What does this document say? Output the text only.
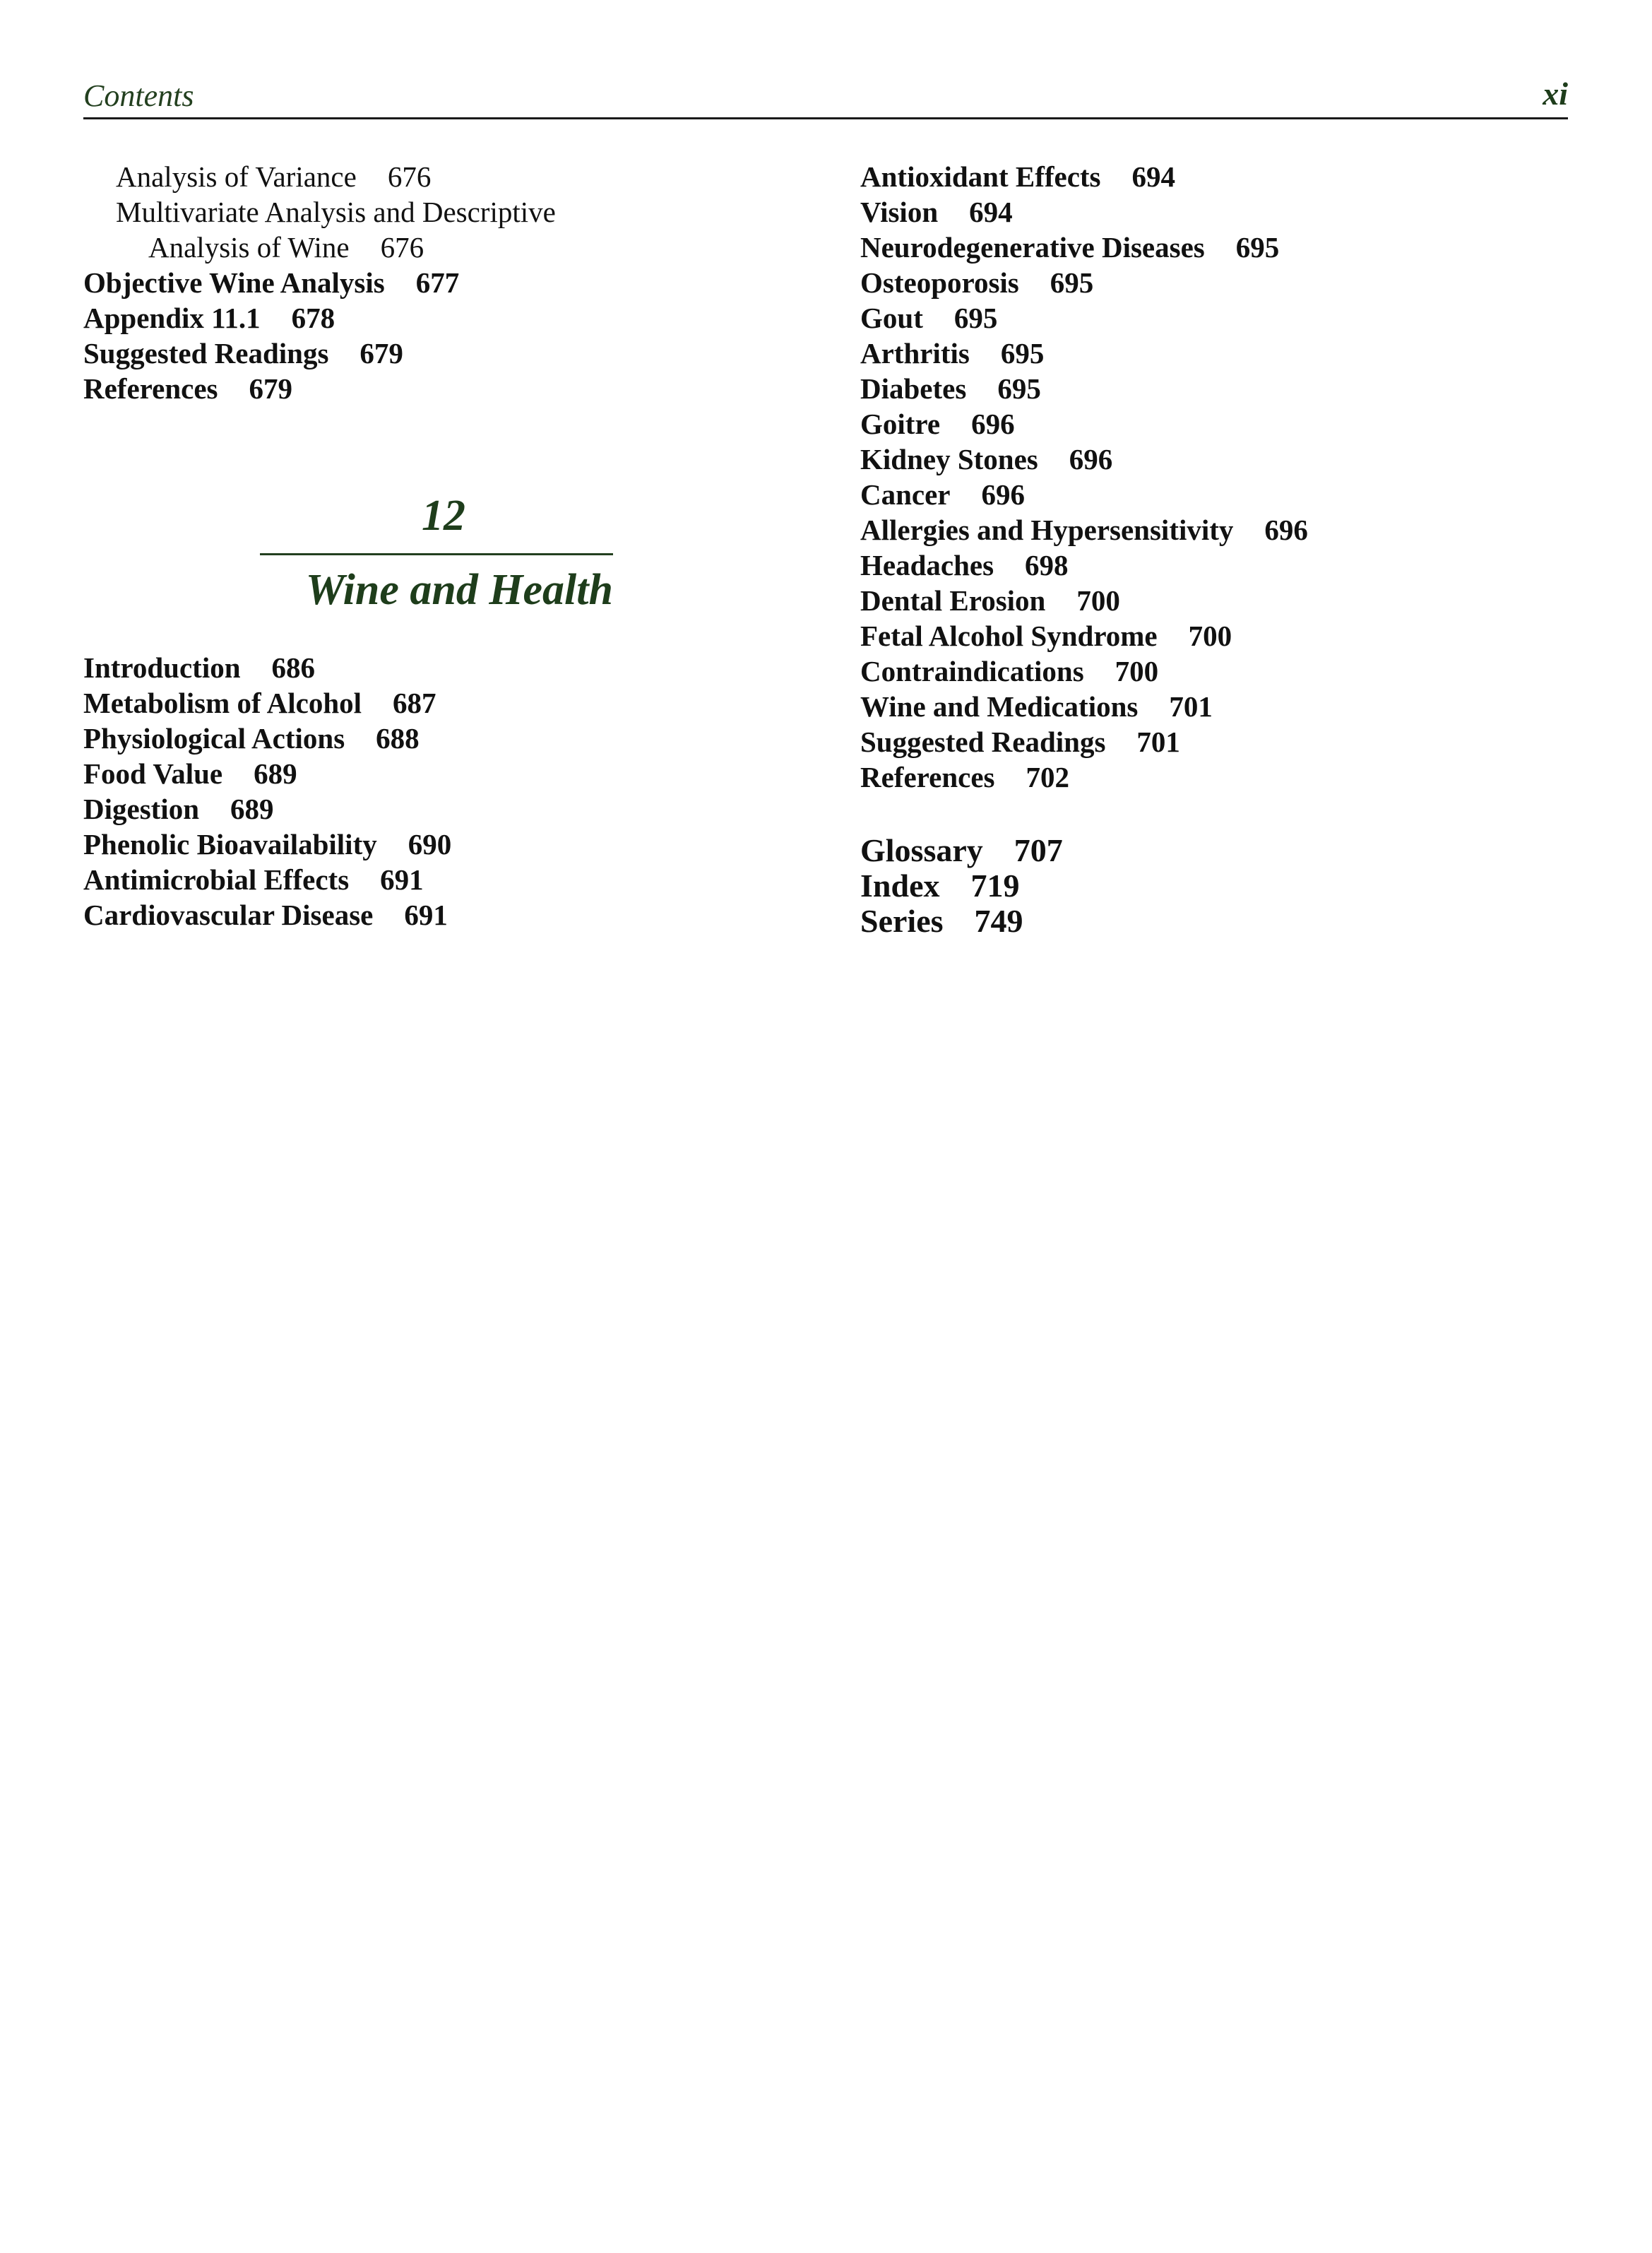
Contents	xi
Analysis of Variance 676
Multivariate Analysis and Descriptive
Analysis of Wine 676
Objective Wine Analysis 677
Appendix 11.1 678
Suggested Readings 679
References 679
12
Wine and Health
Introduction 686
Metabolism of Alcohol 687
Physiological Actions 688
Food Value 689
Digestion 689
Phenolic Bioavailability 690
Antimicrobial Effects 691
Cardiovascular Disease 691
Antioxidant Effects 694
Vision 694
Neurodegenerative Diseases 695
Osteoporosis 695
Gout 695
Arthritis 695
Diabetes 695
Goitre 696
Kidney Stones 696
Cancer 696
Allergies and Hypersensitivity 696
Headaches 698
Dental Erosion 700
Fetal Alcohol Syndrome 700
Contraindications 700
Wine and Medications 701
Suggested Readings 701
References 702
Glossary 707
Index 719
Series 749
